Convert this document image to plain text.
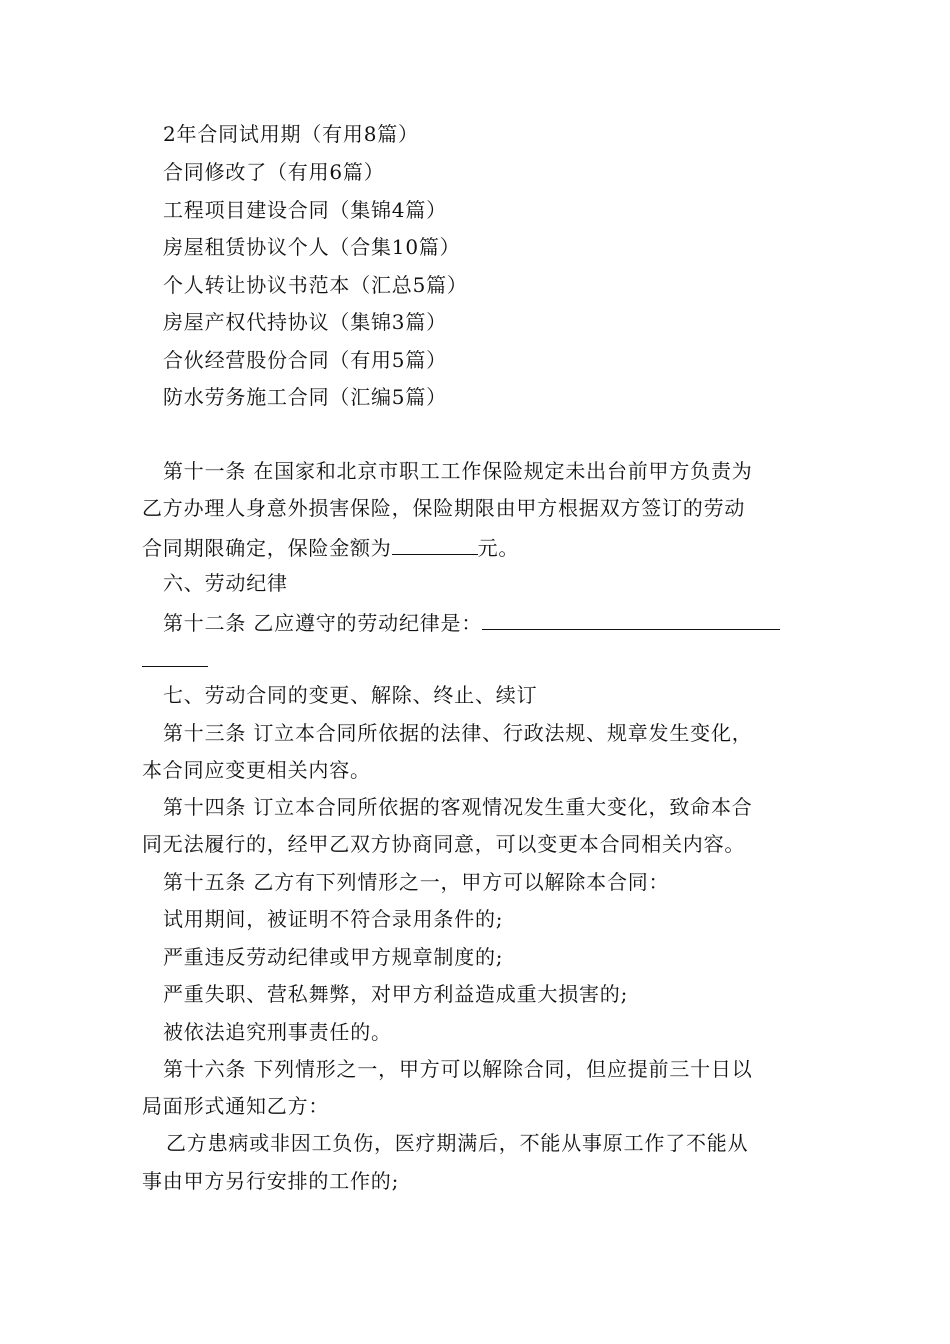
2年合同试用期（有用8篇）
合同修改了（有用6篇）
工程项目建设合同（集锦4篇）
房屋租赁协议个人（合集10篇）
个人转让协议书范本（汇总5篇）
房屋产权代持协议（集锦3篇）
合伙经营股份合同（有用5篇）
防水劳务施工合同（汇编5篇）
第十一条 在国家和北京市职工工作保险规定未出台前甲方负责为
乙方办理人身意外损害保险，保险期限由甲方根据双方签订的劳动
合同期限确定，保险金额为	元。
六、劳动纪律
第十二条 乙应遵守的劳动纪律是：
七、劳动合同的变更、解除、终止、续订
第十三条 订立本合同所依据的法律、行政法规、规章发生变化，
本合同应变更相关内容。
第十四条 订立本合同所依据的客观情况发生重大变化，致命本合
同无法履行的，经甲乙双方协商同意，可以变更本合同相关内容。
第十五条 乙方有下列情形之一，甲方可以解除本合同：
试用期间，被证明不符合录用条件的;
严重违反劳动纪律或甲方规章制度的;
严重失职、营私舞弊，对甲方利益造成重大损害的;
被依法追究刑事责任的。
第十六条 下列情形之一，甲方可以解除合同，但应提前三十日以
局面形式通知乙方：
乙方患病或非因工负伤，医疗期满后，不能从事原工作了不能从
事由甲方另行安排的工作的;
